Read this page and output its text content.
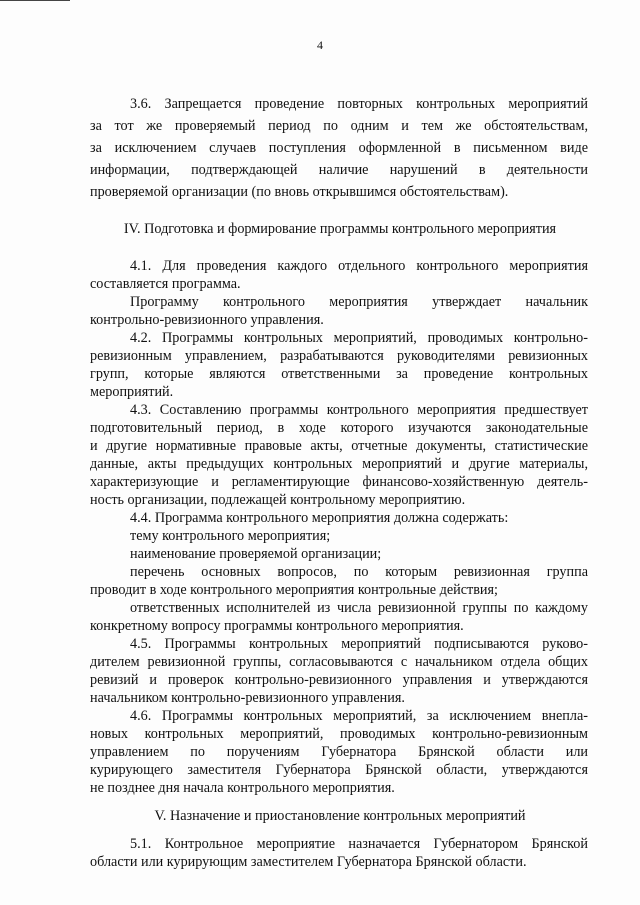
4
3.6. Запрещается проведение повторных контрольных мероприятий
за тот же проверяемый период по одним и тем же обстоятельствам,
за исключением случаев поступления оформленной в письменном виде
информации, подтверждающей наличие нарушений в деятельности
проверяемой организации (по вновь открывшимся обстоятельствам).
IV. Подготовка и формирование программы контрольного мероприятия
4.1. Для проведения каждого отдельного контрольного мероприятия
составляется программа.
Программу контрольного мероприятия утверждает начальник
контрольно-ревизионного управления.
4.2. Программы контрольных мероприятий, проводимых контрольно-
ревизионным управлением, разрабатываются руководителями ревизионных
групп, которые являются ответственными за проведение контрольных
мероприятий.
4.3. Составлению программы контрольного мероприятия предшествует
подготовительный период, в ходе которого изучаются законодательные
и другие нормативные правовые акты, отчетные документы, статистические
данные, акты предыдущих контрольных мероприятий и другие материалы,
характеризующие и регламентирующие финансово-хозяйственную деятель-
ность организации, подлежащей контрольному мероприятию.
4.4. Программа контрольного мероприятия должна содержать:
тему контрольного мероприятия;
наименование проверяемой организации;
перечень основных вопросов, по которым ревизионная группа
проводит в ходе контрольного мероприятия контрольные действия;
ответственных исполнителей из числа ревизионной группы по каждому
конкретному вопросу программы контрольного мероприятия.
4.5. Программы контрольных мероприятий подписываются руково-
дителем ревизионной группы, согласовываются с начальником отдела общих
ревизий и проверок контрольно-ревизионного управления и утверждаются
начальником контрольно-ревизионного управления.
4.6. Программы контрольных мероприятий, за исключением внепла-
новых контрольных мероприятий, проводимых контрольно-ревизионным
управлением по поручениям Губернатора Брянской области или
курирующего заместителя Губернатора Брянской области, утверждаются
не позднее дня начала контрольного мероприятия.
V. Назначение и приостановление контрольных мероприятий
5.1. Контрольное мероприятие назначается Губернатором Брянской
области или курирующим заместителем Губернатора Брянской области.
